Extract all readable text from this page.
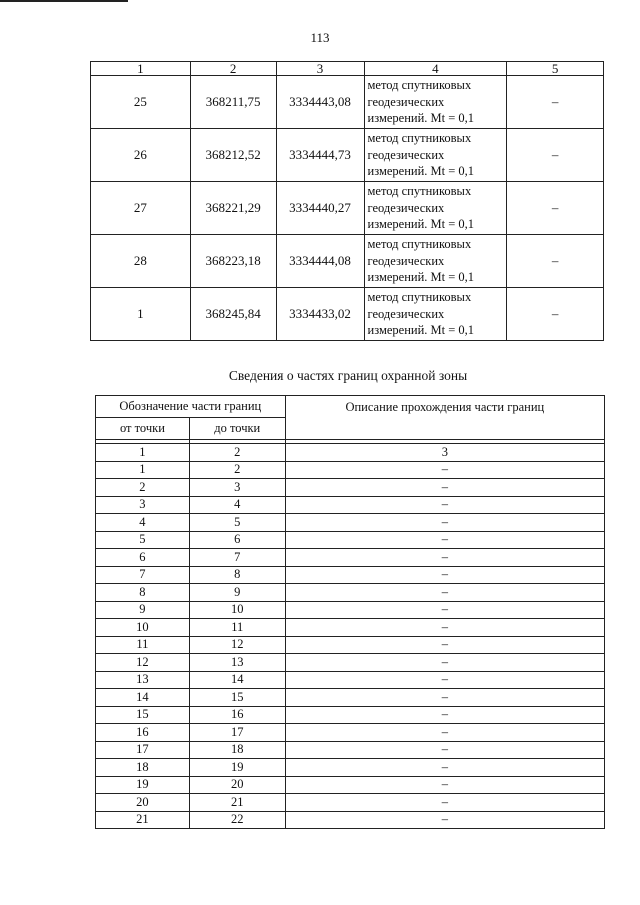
113
1	2	3	4	5
25	368211,75	3334443,08	метод спутниковых геодезических измерений. Mt = 0,1	–
26	368212,52	3334444,73	метод спутниковых геодезических измерений. Mt = 0,1	–
27	368221,29	3334440,27	метод спутниковых геодезических измерений. Mt = 0,1	–
28	368223,18	3334444,08	метод спутниковых геодезических измерений. Mt = 0,1	–
1	368245,84	3334433,02	метод спутниковых геодезических измерений. Mt = 0,1	–
Сведения о частях границ охранной зоны
Обозначение части границ		Описание прохождения части границ
от точки	до точки	

1	2	3
1	2	–
2	3	–
3	4	–
4	5	–
5	6	–
6	7	–
7	8	–
8	9	–
9	10	–
10	11	–
11	12	–
12	13	–
13	14	–
14	15	–
15	16	–
16	17	–
17	18	–
18	19	–
19	20	–
20	21	–
21	22	–
